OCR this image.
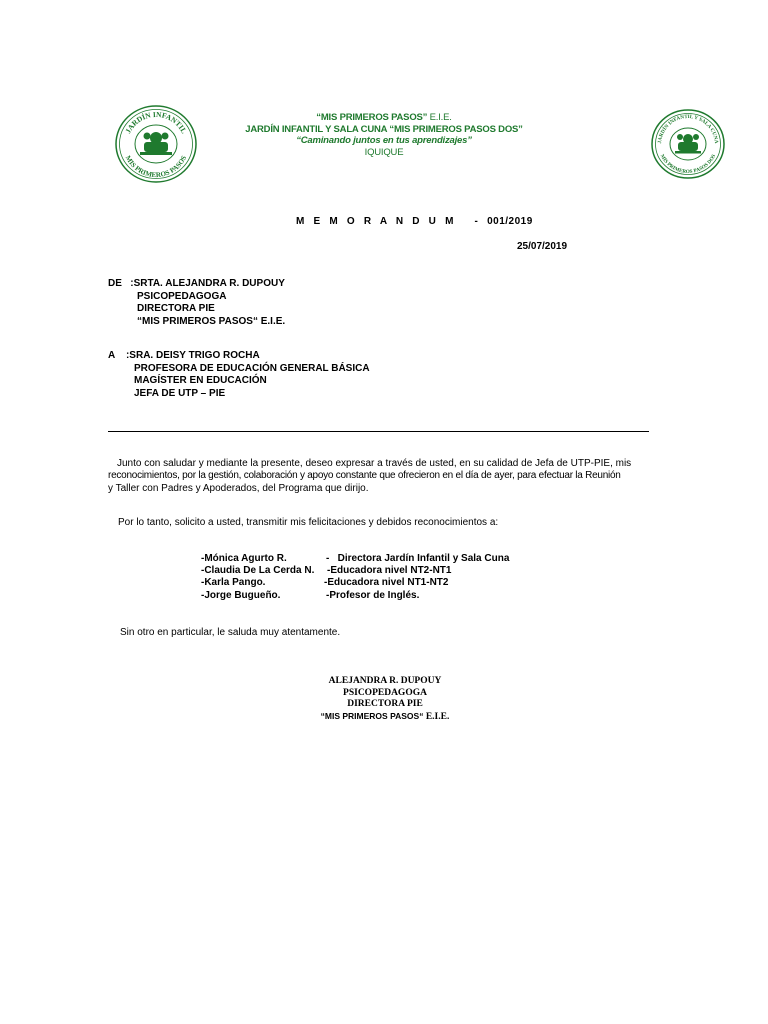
JARDÍN INFANTIL
MIS PRIMEROS PASOS
JARDÍN INFANTIL Y SALA CUNA
MIS PRIMEROS PASOS DOS
“MIS PRIMEROS PASOS” E.I.E.
JARDÍN INFANTIL Y SALA CUNA “MIS PRIMEROS PASOS DOS”
“Caminando juntos en tus aprendizajes”
IQUIQUE
M E M O R A N D U M   - 001/2019
25/07/2019
DE   :SRTA. ALEJANDRA R. DUPOUY
PSICOPEDAGOGA
DIRECTORA PIE
“MIS PRIMEROS PASOS“ E.I.E.
A    :SRA. DEISY TRIGO ROCHA
PROFESORA DE EDUCACIÓN GENERAL BÁSICA
MAGÍSTER EN EDUCACIÓN
JEFA DE UTP – PIE
Junto con saludar y mediante la presente, deseo expresar a través de usted, en su calidad de Jefa de UTP-PIE, mis
reconocimientos, por la gestión, colaboración y apoyo constante que ofrecieron en el día de ayer, para efectuar la Reunión
y Taller con Padres y Apoderados, del Programa que dirijo.
Por lo tanto, solicito a usted, transmitir mis felicitaciones y debidos reconocimientos a:
-Mónica Agurto R.	-   Directora Jardín Infantil y Sala Cuna
-Claudia De La Cerda N. -Educadora nivel NT2-NT1
-Karla Pango.	-Educadora nivel NT1-NT2
-Jorge Bugueño.	-Profesor de Inglés.
Sin otro en particular, le saluda muy atentamente.
ALEJANDRA R. DUPOUY
PSICOPEDAGOGA
DIRECTORA PIE
“MIS PRIMEROS PASOS“ E.I.E.
